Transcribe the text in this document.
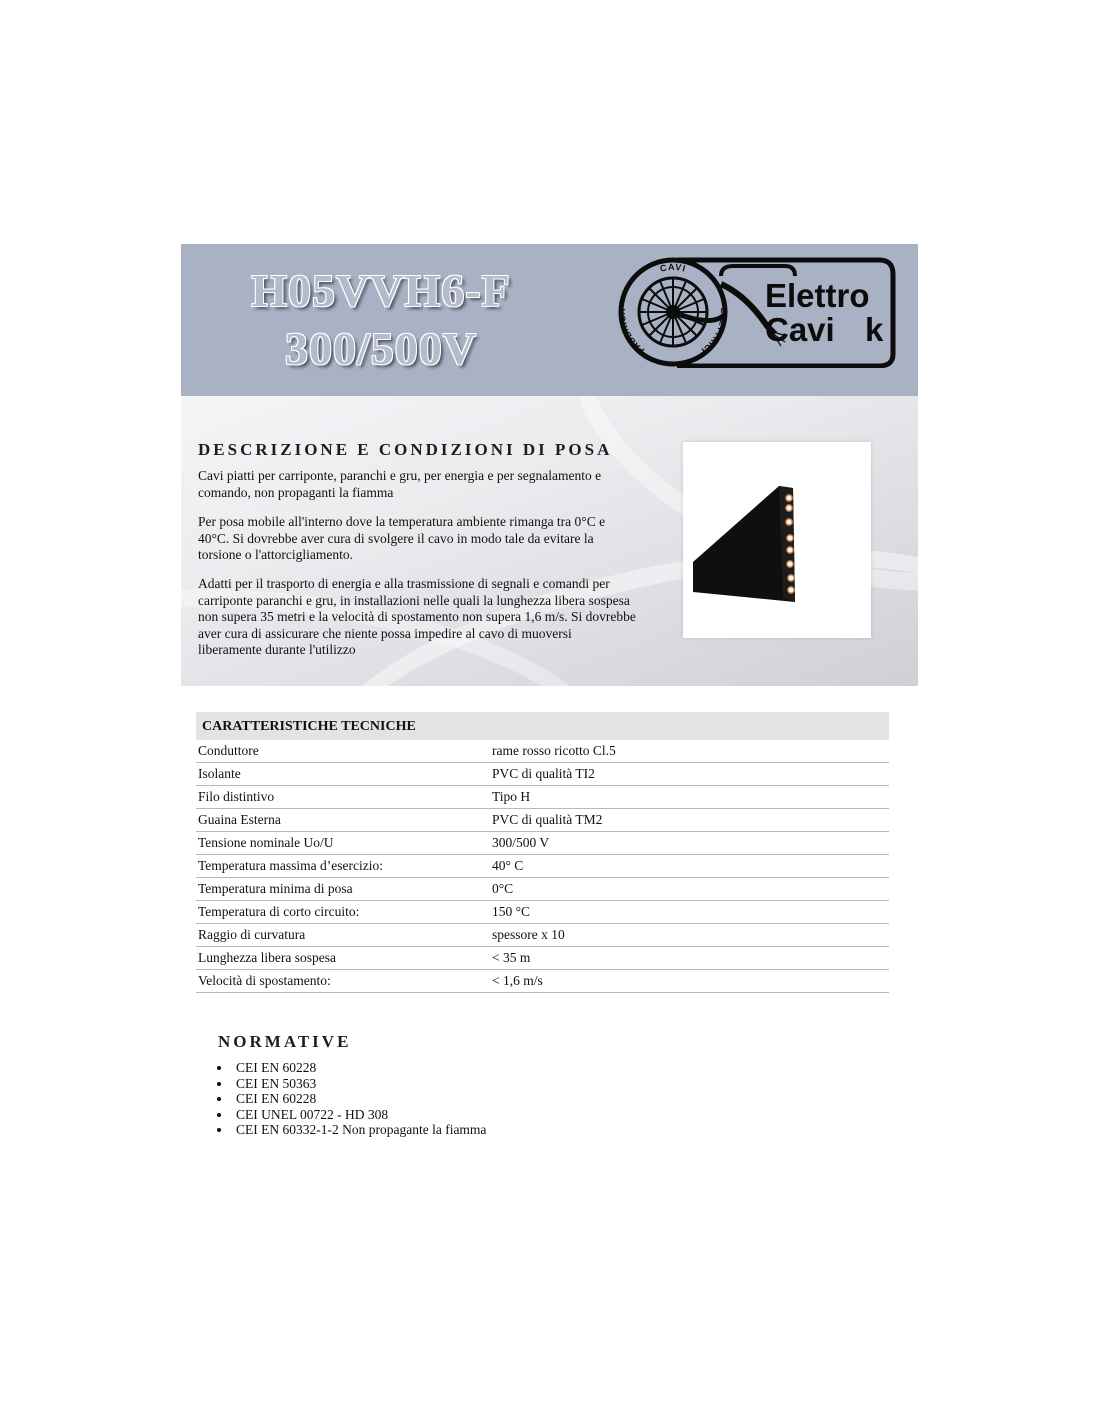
H05VVH6-F
300/500V
CAVI
FABBRICA	ELETTRICI
Elettro
Cavi k
DESCRIZIONE E CONDIZIONI DI POSA
Cavi piatti per carriponte, paranchi e gru, per energia e per segnalamento e comando, non propaganti la fiamma
Per posa mobile all'interno dove la temperatura ambiente rimanga tra 0°C e 40°C. Si dovrebbe aver cura di svolgere il cavo in modo tale da evitare la torsione o l'attorcigliamento.
Adatti per il trasporto di energia e alla trasmissione di segnali e comandi per carriponte paranchi e gru, in installazioni nelle quali la lunghezza libera sospesa non supera 35 metri e la velocità di spostamento non supera 1,6 m/s. Si dovrebbe aver cura di assicurare che niente possa impedire al cavo di muoversi liberamente durante l'utilizzo
CARATTERISTICHE TECNICHE
Conduttore	rame rosso ricotto Cl.5
Isolante	PVC di qualità TI2
Filo distintivo	Tipo H
Guaina Esterna	PVC di qualità TM2
Tensione nominale Uo/U	300/500 V
Temperatura massima d’esercizio:	40° C
Temperatura minima di posa	0°C
Temperatura di corto circuito:	150 °C
Raggio di curvatura	spessore x 10
Lunghezza libera sospesa	< 35 m
Velocità di spostamento:	< 1,6 m/s
NORMATIVE
CEI EN 60228
CEI EN 50363
CEI EN 60228
CEI UNEL 00722 - HD 308
CEI EN 60332-1-2 Non propagante la fiamma
